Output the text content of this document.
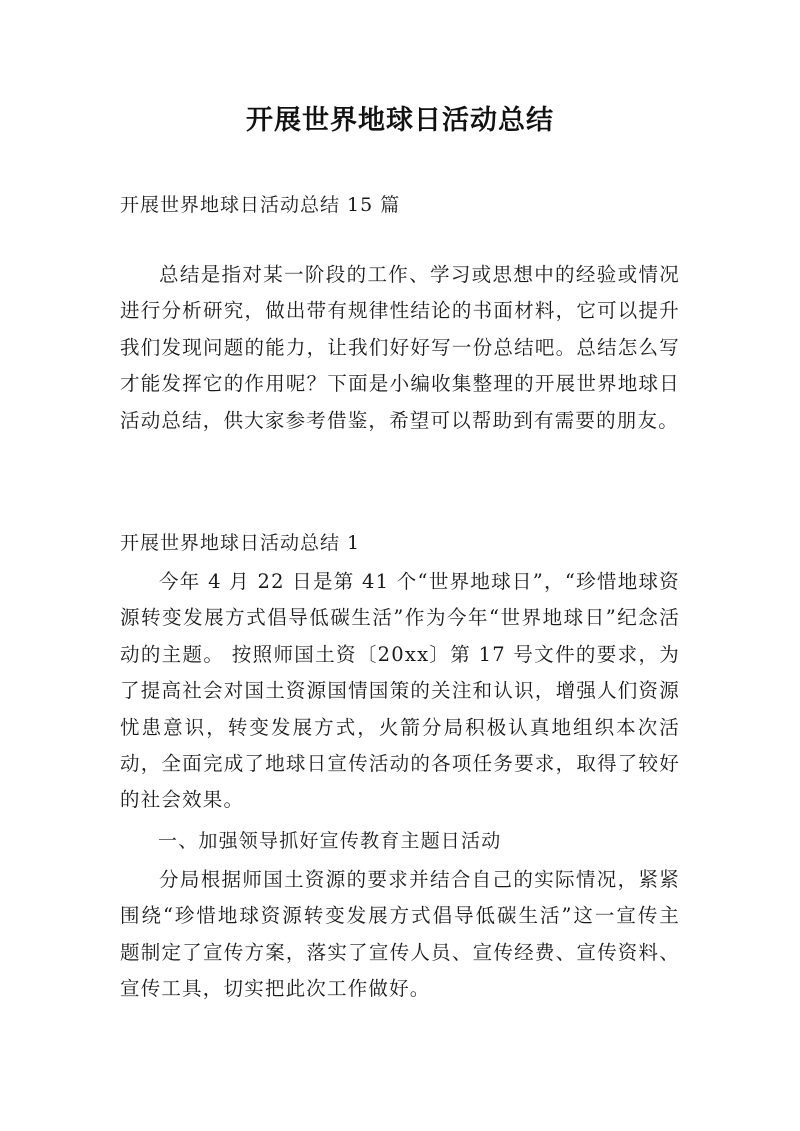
开展世界地球日活动总结

开展世界地球日活动总结 15 篇

总结是指对某一阶段的工作、学习或思想中的经验或情况进行分析研究，做出带有规律性结论的书面材料，它可以提升我们发现问题的能力，让我们好好写一份总结吧。总结怎么写才能发挥它的作用呢？下面是小编收集整理的开展世界地球日活动总结，供大家参考借鉴，希望可以帮助到有需要的朋友。

开展世界地球日活动总结 1

今年 4 月 22 日是第 41 个“世界地球日”，“珍惜地球资源转变发展方式倡导低碳生活”作为今年“世界地球日”纪念活动的主题。 按照师国土资〔20xx〕第 17 号文件的要求，为了提高社会对国土资源国情国策的关注和认识，增强人们资源忧患意识，转变发展方式，火箭分局积极认真地组织本次活动，全面完成了地球日宣传活动的各项任务要求，取得了较好的社会效果。

一、加强领导抓好宣传教育主题日活动

分局根据师国土资源的要求并结合自己的实际情况，紧紧围绕“珍惜地球资源转变发展方式倡导低碳生活”这一宣传主题制定了宣传方案，落实了宣传人员、宣传经费、宣传资料、宣传工具，切实把此次工作做好。
